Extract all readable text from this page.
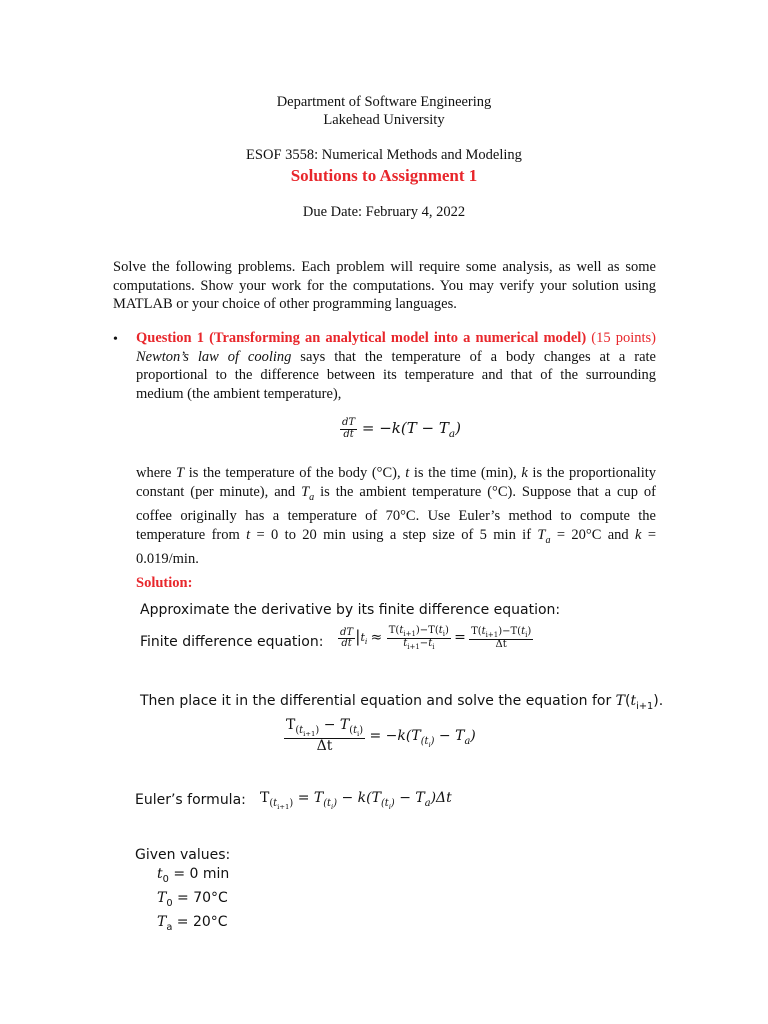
Department of Software Engineering
Lakehead University
ESOF 3558: Numerical Methods and Modeling
Solutions to Assignment 1
Due Date: February 4, 2022
Solve the following problems. Each problem will require some analysis, as well as some computations. Show your work for the computations. You may verify your solution using MATLAB or your choice of other programming languages.
• Question 1 (Transforming an analytical model into a numerical model) (15 points) Newton’s law of cooling says that the temperature of a body changes at a rate proportional to the difference between its temperature and that of the surrounding medium (the ambient temperature),
$\frac{dT}{dt} = -k(T - T_a)$
where T is the temperature of the body (°C), t is the time (min), k is the proportionality constant (per minute), and $T_a$ is the ambient temperature (°C). Suppose that a cup of coffee originally has a temperature of 70°C. Use Euler’s method to compute the temperature from t = 0 to 20 min using a step size of 5 min if $T_a = 20^\circ C$ and k = 0.019/min.
Solution:
Approximate the derivative by its finite difference equation:
Finite difference equation: $\frac{dT}{dt} |t_i \approx \frac{T(t_{i+1})-T(t_i)}{t_{i+1}-t_i} = \frac{T(t_{i+1})-T(t_i)}{\Delta t}$
Then place it in the differential equation and solve the equation for $T(t_{i+1})$.
$\frac{T_{(t_{i+1})} - T_{(t_i)}}{\Delta t} = -k(T_{(t_i)} - T_a)$
Euler’s formula: $T_{(t_{i+1})} = T_{(t_i)} - k(T_{(t_i)} - T_a)\Delta t$
Given values:
$t_0 = 0$ min
$T_0 = 70^\circ C$
$T_a = 20^\circ C$
